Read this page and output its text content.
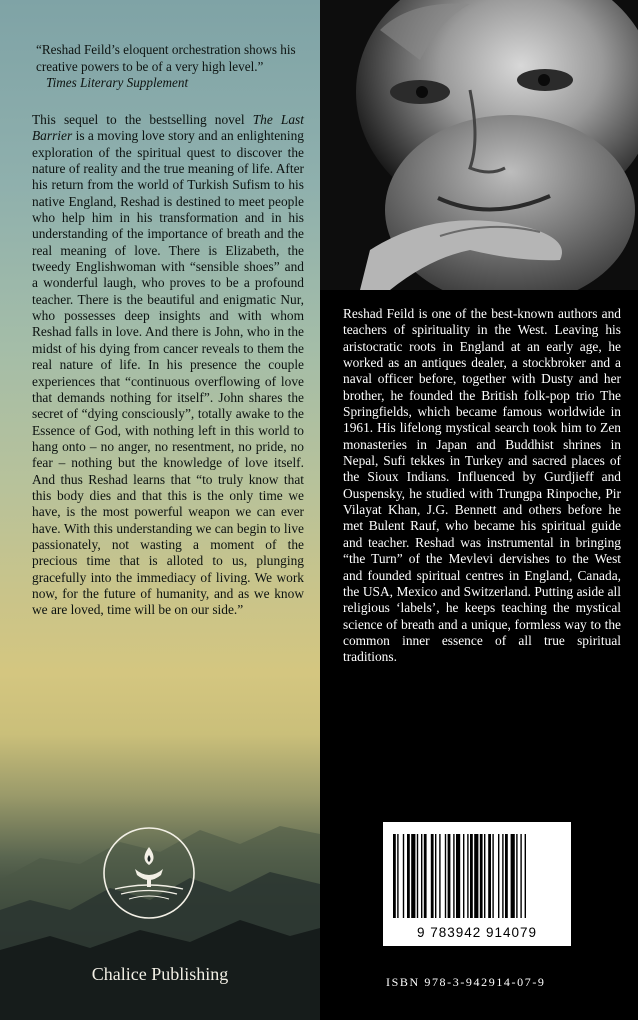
“Reshad Feild’s eloquent orchestration shows his creative powers to be of a very high level.” Times Literary Supplement

This sequel to the bestselling novel The Last Barrier is a moving love story and an enlightening exploration of the spiritual quest to discover the nature of reality and the true meaning of life. After his return from the world of Turkish Sufism to his native England, Reshad is destined to meet people who help him in his transformation and in his understanding of the importance of breath and the real meaning of love. There is Elizabeth, the tweedy Englishwoman with “sensible shoes” and a wonderful laugh, who proves to be a profound teacher. There is the beautiful and enigmatic Nur, who possesses deep insights and with whom Reshad falls in love. And there is John, who in the midst of his dying from cancer reveals to them the real nature of life. In his presence the couple experiences that “continuous overflowing of love that demands nothing for itself”. John shares the secret of “dying consciously”, totally awake to the Essence of God, with nothing left in this world to hang onto – no anger, no resentment, no pride, no fear – nothing but the knowledge of love itself. And thus Reshad learns that “to truly know that this body dies and that this is the only time we have, is the most powerful weapon we can ever have. With this understanding we can begin to live passionately, not wasting a moment of the precious time that is alloted to us, plunging gracefully into the immediacy of living. We work now, for the future of humanity, and as we know we are loved, time will be on our side.”

Chalice Publishing

Reshad Feild is one of the best-known authors and teachers of spirituality in the West. Leaving his aristocratic roots in England at an early age, he worked as an antiques dealer, a stockbroker and a naval officer before, together with Dusty and her brother, he founded the British folk-pop trio The Springfields, which became famous worldwide in 1961. His lifelong mystical search took him to Zen monasteries in Japan and Buddhist shrines in Nepal, Sufi tekkes in Turkey and sacred places of the Sioux Indians. Influenced by Gurdjieff and Ouspensky, he studied with Trungpa Rinpoche, Pir Vilayat Khan, J.G. Bennett and others before he met Bulent Rauf, who became his spiritual guide and teacher. Reshad was instrumental in bringing “the Turn” of the Mevlevi dervishes to the West and founded spiritual centres in England, Canada, the USA, Mexico and Switzerland. Putting aside all religious ‘labels’, he keeps teaching the mystical science of breath and a unique, formless way to the common inner essence of all true spiritual traditions.

9 783942 914079

ISBN 978-3-942914-07-9
